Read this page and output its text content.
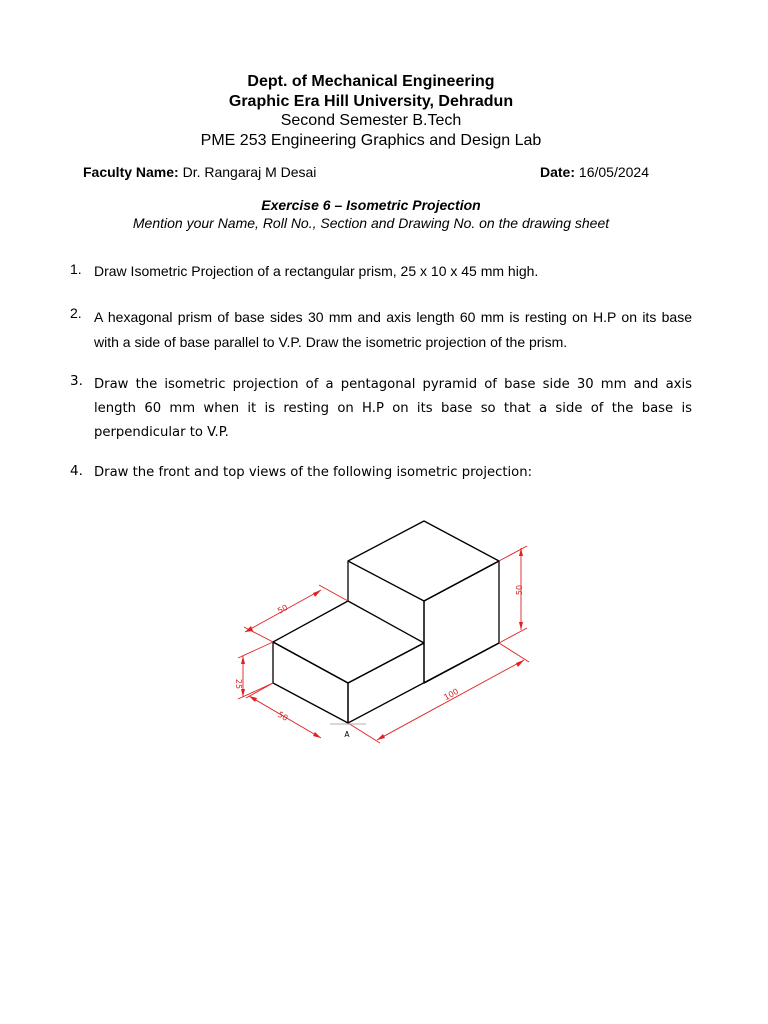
Dept. of Mechanical Engineering
Graphic Era Hill University, Dehradun
Second Semester B.Tech
PME 253 Engineering Graphics and Design Lab
Faculty Name: Dr. Rangaraj M Desai	Date: 16/05/2024
Exercise 6 – Isometric Projection
Mention your Name, Roll No., Section and Drawing No. on the drawing sheet
1. Draw Isometric Projection of a rectangular prism, 25 x 10 x 45 mm high.
2. A hexagonal prism of base sides 30 mm and axis length 60 mm is resting on H.P on its base with a side of base parallel to V.P. Draw the isometric projection of the prism.
3. Draw the isometric projection of a pentagonal pyramid of base side 30 mm and axis length 60 mm when it is resting on H.P on its base so that a side of the base is perpendicular to V.P.
4. Draw the front and top views of the following isometric projection:
50
50
25
50
100
A
